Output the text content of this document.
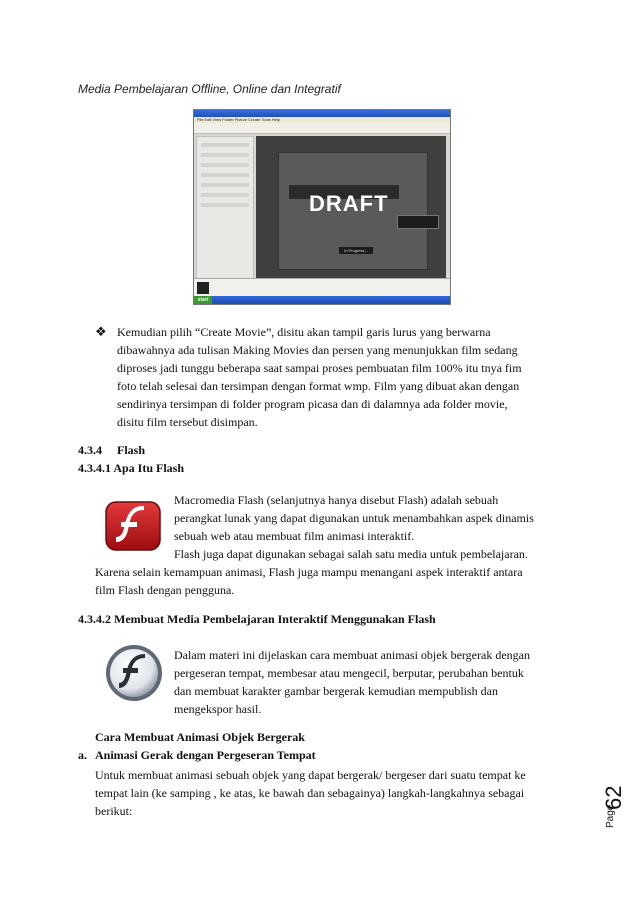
Media Pembelajaran Offline, Online dan Integratif
File Edit View Folder Picture Create Tools Help
DRAFT
In Progress...
start
❖ Kemudian pilih “Create Movie”, disitu akan tampil garis lurus yang berwarna
dibawahnya ada tulisan Making Movies dan persen yang menunjukkan film sedang
diproses jadi tunggu beberapa saat sampai proses pembuatan film 100% itu tnya fim
foto telah selesai dan tersimpan dengan format wmp. Film yang dibuat akan dengan
sendirinya tersimpan di folder program picasa dan di dalamnya ada folder movie,
disitu film tersebut disimpan.
4.3.4 Flash
4.3.4.1 Apa Itu Flash
Macromedia Flash (selanjutnya hanya disebut Flash) adalah sebuah
perangkat lunak yang dapat digunakan untuk menambahkan aspek dinamis
sebuah web atau membuat film animasi interaktif.
Flash juga dapat digunakan sebagai salah satu media untuk pembelajaran.
Karena selain kemampuan animasi, Flash juga mampu menangani aspek interaktif antara
film Flash dengan pengguna.
4.3.4.2 Membuat Media Pembelajaran Interaktif Menggunakan Flash
Dalam materi ini dijelaskan cara membuat animasi objek bergerak dengan
pergeseran tempat, membesar atau mengecil, berputar, perubahan bentuk
dan membuat karakter gambar bergerak kemudian mempublish dan
mengekspor hasil.
Cara Membuat Animasi Objek Bergerak
a. Animasi Gerak dengan Pergeseran Tempat
Untuk membuat animasi sebuah objek yang dapat bergerak/ bergeser dari suatu tempat ke
tempat lain (ke samping , ke atas, ke bawah dan sebagainya) langkah-langkahnya sebagai
berikut:
62
Page
